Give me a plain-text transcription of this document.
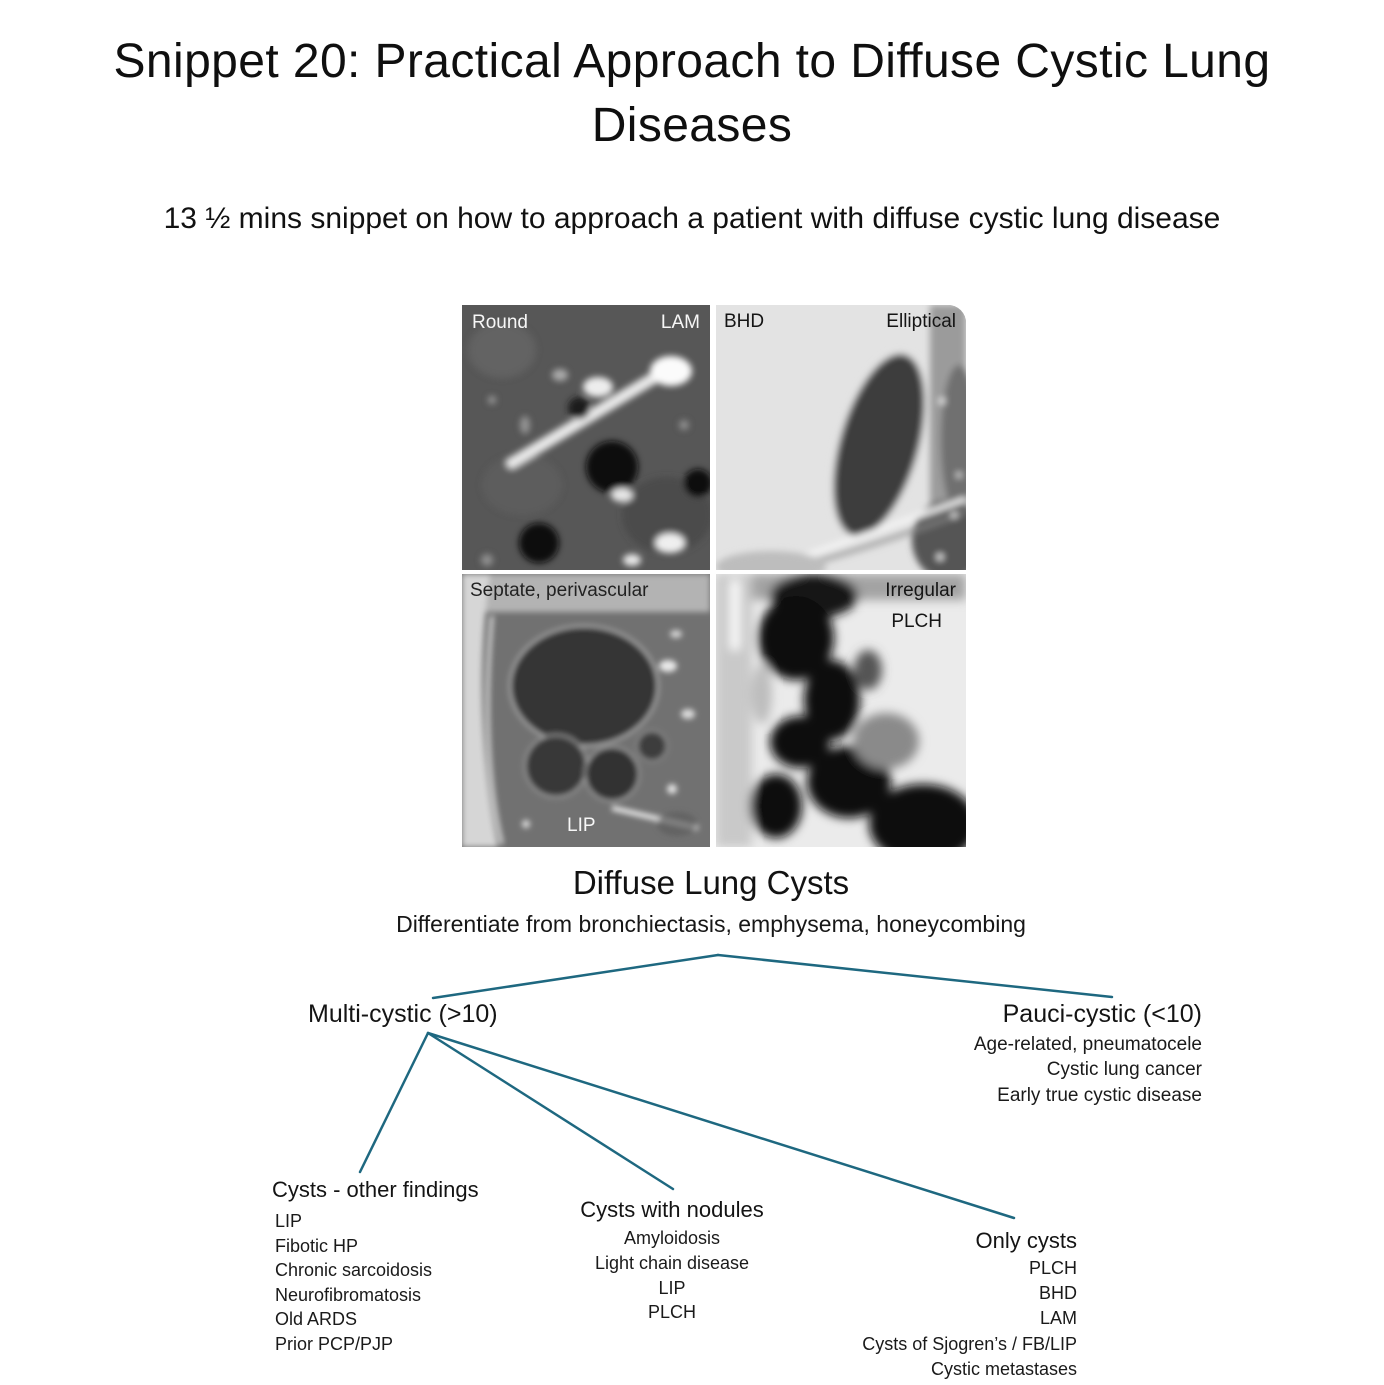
Snippet 20: Practical Approach to Diffuse Cystic Lung Diseases
13 ½ mins snippet on how to approach a patient with diffuse cystic lung disease
Round	LAM BHD	Elliptical
Septate, perivascular
LIP
Irregular
PLCH
Diffuse Lung Cysts
Differentiate from bronchiectasis, emphysema, honeycombing
Multi-cystic (>10)	Pauci-cystic (<10)
Age-related, pneumatocele
Cystic lung cancer
Early true cystic disease
Cysts - other findings
LIP
Fibotic HP
Chronic sarcoidosis
Neurofibromatosis
Old ARDS
Prior PCP/PJP
Cysts with nodules
Amyloidosis
Light chain disease
LIP
PLCH
Only cysts
PLCH
BHD
LAM
Cysts of Sjogren’s / FB/LIP
Cystic metastases
